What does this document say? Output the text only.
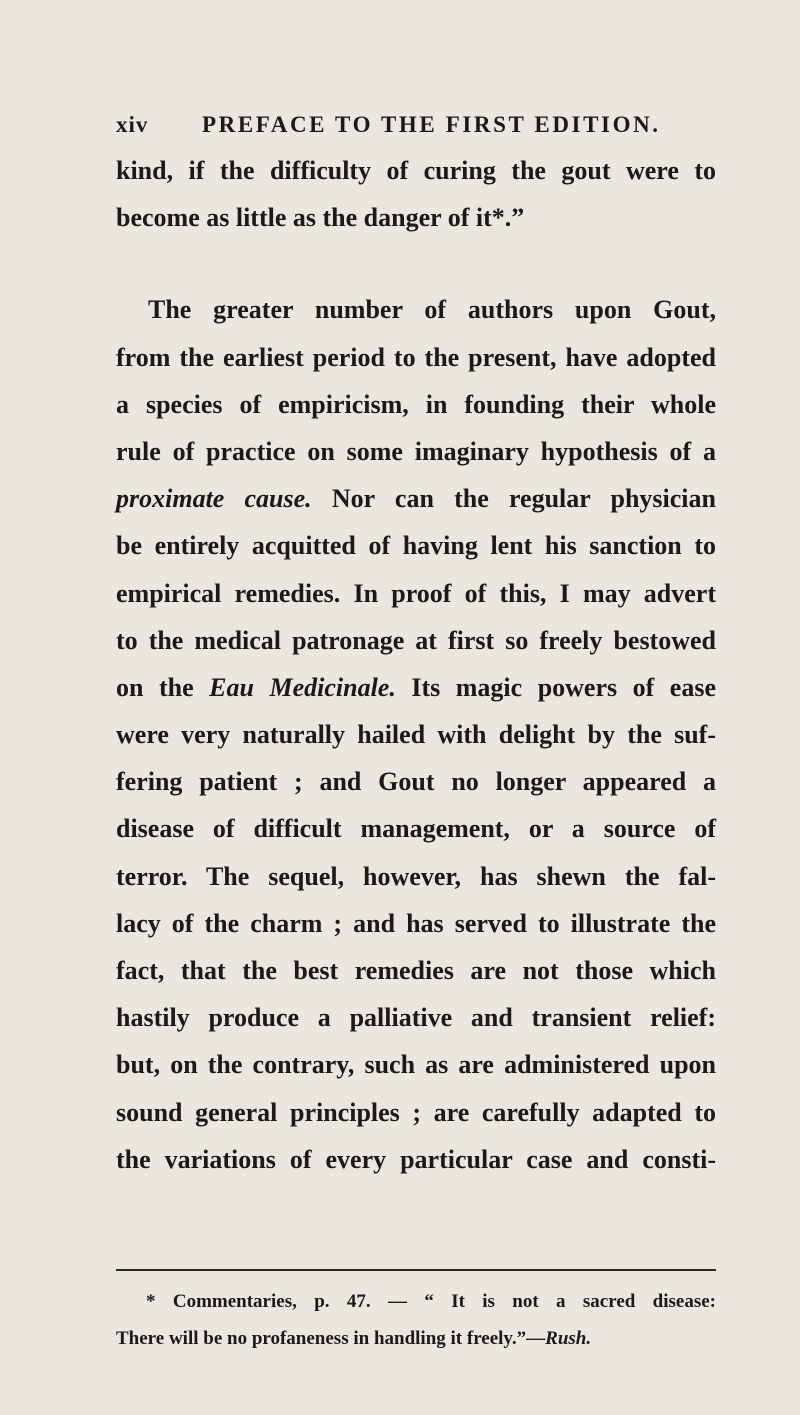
xiv PREFACE TO THE FIRST EDITION.
kind, if the difficulty of curing the gout were to
become as little as the danger of it*.”
The greater number of authors upon Gout,
from the earliest period to the present, have adopted
a species of empiricism, in founding their whole
rule of practice on some imaginary hypothesis of a
proximate cause. Nor can the regular physician
be entirely acquitted of having lent his sanction to
empirical remedies. In proof of this, I may advert
to the medical patronage at first so freely bestowed
on the Eau Medicinale. Its magic powers of ease
were very naturally hailed with delight by the suf-
fering patient ; and Gout no longer appeared a
disease of difficult management, or a source of
terror. The sequel, however, has shewn the fal-
lacy of the charm ; and has served to illustrate the
fact, that the best remedies are not those which
hastily produce a palliative and transient relief:
but, on the contrary, such as are administered upon
sound general principles ; are carefully adapted to
the variations of every particular case and consti-
* Commentaries, p. 47. — “ It is not a sacred disease:
There will be no profaneness in handling it freely.”—Rush.
